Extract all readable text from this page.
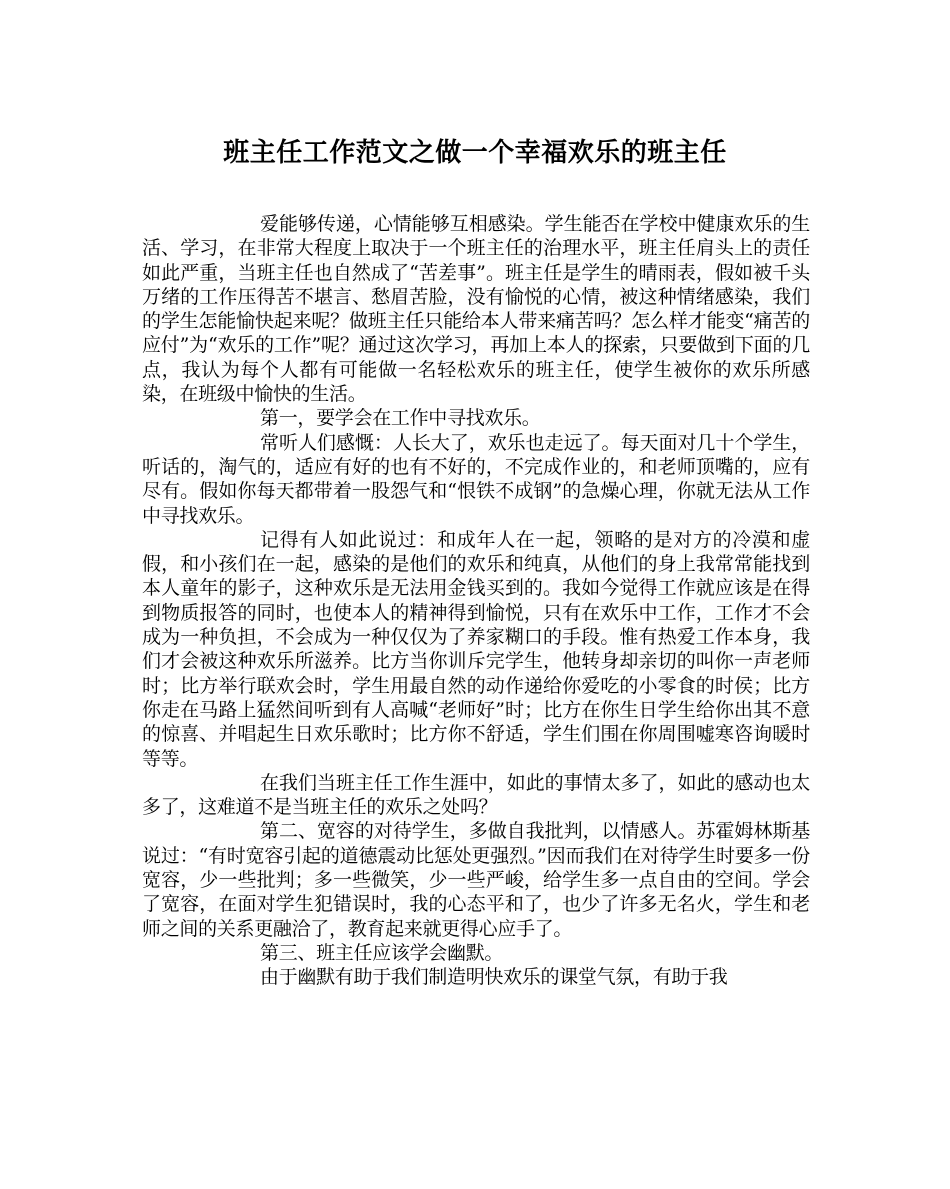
班主任工作范文之做一个幸福欢乐的班主任

爱能够传递，心情能够互相感染。学生能否在学校中健康欢乐的生活、学习，在非常大程度上取决于一个班主任的治理水平，班主任肩头上的责任如此严重，当班主任也自然成了“苦差事”。班主任是学生的晴雨表，假如被千头万绪的工作压得苦不堪言、愁眉苦脸，没有愉悦的心情，被这种情绪感染，我们的学生怎能愉快起来呢？做班主任只能给本人带来痛苦吗？怎么样才能变“痛苦的应付”为“欢乐的工作”呢？通过这次学习，再加上本人的探索，只要做到下面的几点，我认为每个人都有可能做一名轻松欢乐的班主任，使学生被你的欢乐所感染，在班级中愉快的生活。

第一，要学会在工作中寻找欢乐。

常听人们感慨：人长大了，欢乐也走远了。每天面对几十个学生，听话的，淘气的，适应有好的也有不好的，不完成作业的，和老师顶嘴的，应有尽有。假如你每天都带着一股怨气和“恨铁不成钢”的急燥心理，你就无法从工作中寻找欢乐。

记得有人如此说过：和成年人在一起，领略的是对方的冷漠和虚假，和小孩们在一起，感染的是他们的欢乐和纯真，从他们的身上我常常能找到本人童年的影子，这种欢乐是无法用金钱买到的。我如今觉得工作就应该是在得到物质报答的同时，也使本人的精神得到愉悦，只有在欢乐中工作，工作才不会成为一种负担，不会成为一种仅仅为了养家糊口的手段。惟有热爱工作本身，我们才会被这种欢乐所滋养。比方当你训斥完学生，他转身却亲切的叫你一声老师时；比方举行联欢会时，学生用最自然的动作递给你爱吃的小零食的时侯；比方你走在马路上猛然间听到有人高喊“老师好”时；比方在你生日学生给你出其不意的惊喜、并唱起生日欢乐歌时；比方你不舒适，学生们围在你周围嘘寒咨询暖时等等。

在我们当班主任工作生涯中，如此的事情太多了，如此的感动也太多了，这难道不是当班主任的欢乐之处吗？

第二、宽容的对待学生，多做自我批判，以情感人。苏霍姆林斯基说过：“有时宽容引起的道德震动比惩处更强烈。”因而我们在对待学生时要多一份宽容，少一些批判；多一些微笑，少一些严峻，给学生多一点自由的空间。学会了宽容，在面对学生犯错误时，我的心态平和了，也少了许多无名火，学生和老师之间的关系更融洽了，教育起来就更得心应手了。

第三、班主任应该学会幽默。

由于幽默有助于我们制造明快欢乐的课堂气氛，有助于我
